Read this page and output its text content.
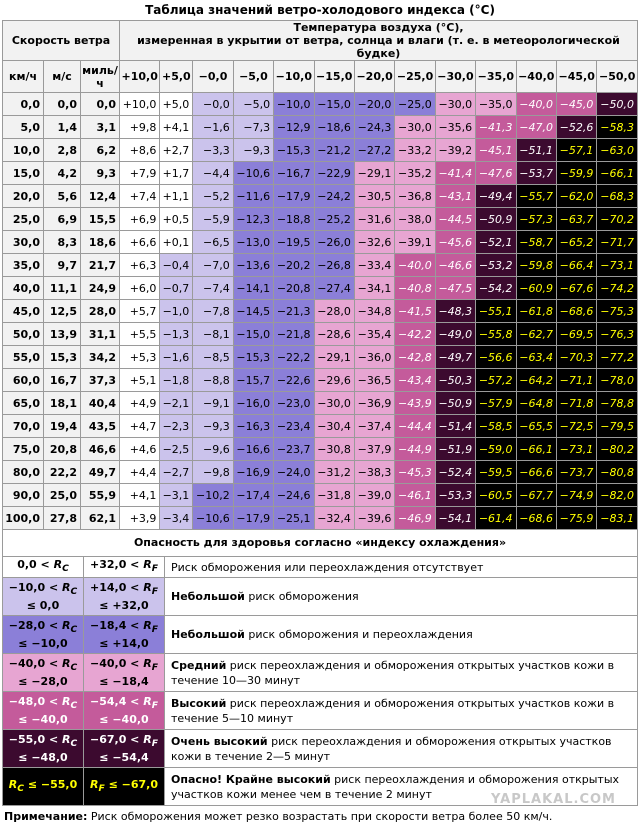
Таблица значений ветро-холодового индекса (°C)
Скорость ветра			Температура воздуха (°C),
измеренная в укрытии от ветра, солнца и влаги (т. е. в метеорологической будке)												

км/ч	м/с	миль/ч	+10,0	+5,0	−0,0	−5,0	−10,0	−15,0	−20,0	−25,0	−30,0	−35,0	−40,0	−45,0	−50,0
0,0	0,0	0,0	+10,0	+5,0	−0,0	−5,0	−10,0	−15,0	−20,0	−25,0	−30,0	−35,0	−40,0	−45,0	−50,0
5,0	1,4	3,1	+9,8	+4,1	−1,6	−7,3	−12,9	−18,6	−24,3	−30,0	−35,6	−41,3	−47,0	−52,6	−58,3
10,0	2,8	6,2	+8,6	+2,7	−3,3	−9,3	−15,3	−21,2	−27,2	−33,2	−39,2	−45,1	−51,1	−57,1	−63,0
15,0	4,2	9,3	+7,9	+1,7	−4,4	−10,6	−16,7	−22,9	−29,1	−35,2	−41,4	−47,6	−53,7	−59,9	−66,1
20,0	5,6	12,4	+7,4	+1,1	−5,2	−11,6	−17,9	−24,2	−30,5	−36,8	−43,1	−49,4	−55,7	−62,0	−68,3
25,0	6,9	15,5	+6,9	+0,5	−5,9	−12,3	−18,8	−25,2	−31,6	−38,0	−44,5	−50,9	−57,3	−63,7	−70,2
30,0	8,3	18,6	+6,6	+0,1	−6,5	−13,0	−19,5	−26,0	−32,6	−39,1	−45,6	−52,1	−58,7	−65,2	−71,7
35,0	9,7	21,7	+6,3	−0,4	−7,0	−13,6	−20,2	−26,8	−33,4	−40,0	−46,6	−53,2	−59,8	−66,4	−73,1
40,0	11,1	24,9	+6,0	−0,7	−7,4	−14,1	−20,8	−27,4	−34,1	−40,8	−47,5	−54,2	−60,9	−67,6	−74,2
45,0	12,5	28,0	+5,7	−1,0	−7,8	−14,5	−21,3	−28,0	−34,8	−41,5	−48,3	−55,1	−61,8	−68,6	−75,3
50,0	13,9	31,1	+5,5	−1,3	−8,1	−15,0	−21,8	−28,6	−35,4	−42,2	−49,0	−55,8	−62,7	−69,5	−76,3
55,0	15,3	34,2	+5,3	−1,6	−8,5	−15,3	−22,2	−29,1	−36,0	−42,8	−49,7	−56,6	−63,4	−70,3	−77,2
60,0	16,7	37,3	+5,1	−1,8	−8,8	−15,7	−22,6	−29,6	−36,5	−43,4	−50,3	−57,2	−64,2	−71,1	−78,0
65,0	18,1	40,4	+4,9	−2,1	−9,1	−16,0	−23,0	−30,0	−36,9	−43,9	−50,9	−57,9	−64,8	−71,8	−78,8
70,0	19,4	43,5	+4,7	−2,3	−9,3	−16,3	−23,4	−30,4	−37,4	−44,4	−51,4	−58,5	−65,5	−72,5	−79,5
75,0	20,8	46,6	+4,6	−2,5	−9,6	−16,6	−23,7	−30,8	−37,9	−44,9	−51,9	−59,0	−66,1	−73,1	−80,2
80,0	22,2	49,7	+4,4	−2,7	−9,8	−16,9	−24,0	−31,2	−38,3	−45,3	−52,4	−59,5	−66,6	−73,7	−80,8
90,0	25,0	55,9	+4,1	−3,1	−10,2	−17,4	−24,6	−31,8	−39,0	−46,1	−53,3	−60,5	−67,7	−74,9	−82,0
100,0	27,8	62,1	+3,9	−3,4	−10,6	−17,9	−25,1	−32,4	−39,6	−46,9	−54,1	−61,4	−68,6	−75,9	−83,1
Опасность для здоровья согласно «индексу охлаждения»
$0,0 < R_C$	$+32,0 < R_F$	Риск обморожения или переохлаждения отсутствует
$-10,0 < R_C \le 0,0$	$+14,0 < R_F \le +32,0$	Небольшой риск обморожения
$-28,0 < R_C \le -10,0$	$-18,4 < R_F \le +14,0$	Небольшой риск обморожения и переохлаждения
$-40,0 < R_C \le -28,0$	$-40,0 < R_F \le -18,4$	Средний риск переохлаждения и обморожения открытых участков кожи в течение 10—30 минут
$-48,0 < R_C \le -40,0$	$-54,4 < R_F \le -40,0$	Высокий риск переохлаждения и обморожения открытых участков кожи в течение 5—10 минут
$-55,0 < R_C \le -48,0$	$-67,0 < R_F \le -54,4$	Очень высокий риск переохлаждения и обморожения открытых участков кожи в течение 2—5 минут
$R_C \le -55,0$	$R_F \le -67,0$	Опасно! Крайне высокий риск переохлаждения и обморожения открытых участков кожи менее чем в течение 2 минут
Примечание: Риск обморожения может резко возрастать при скорости ветра более 50 км/ч.
YAPLAKAL.COM
